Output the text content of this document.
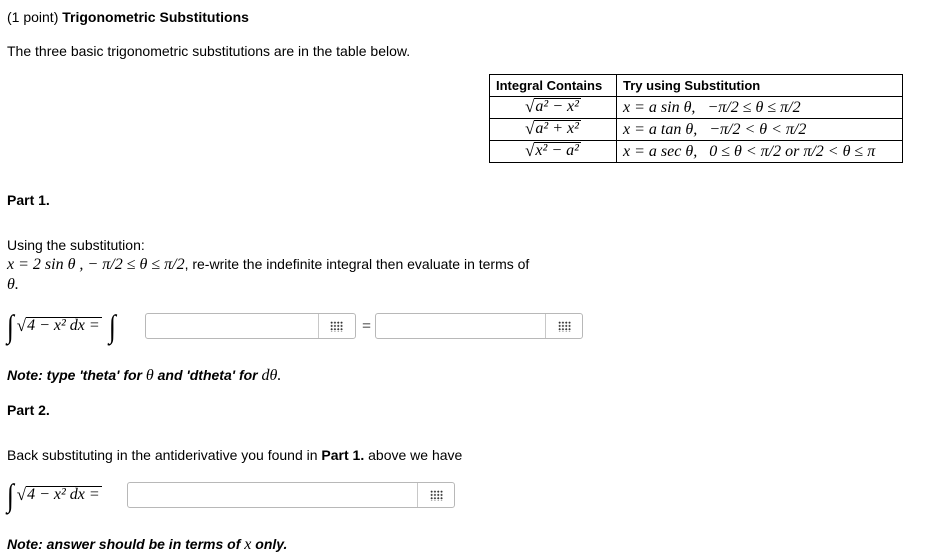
(1 point) Trigonometric Substitutions
The three basic trigonometric substitutions are in the table below.
Integral Contains	Try using Substitution

√ a² − x²	x = a sin θ, −π/2 ≤ θ ≤ π/2

√ a² + x²	x = a tan θ, −π/2 < θ < π/2

√ x² − a²	x = a sec θ, 0 ≤ θ < π/2 or π/2 < θ ≤ π
Part 1.
Using the substitution:
x = 2 sin θ , − π/2 ≤ θ ≤ π/2, re-write the indefinite integral then evaluate in terms of
θ.
∫ √ 4 − x² dx = ∫	=
Note: type 'theta' for θ and 'dtheta' for dθ.
Part 2.
Back substituting in the antiderivative you found in Part 1. above we have
∫ √ 4 − x² dx =
Note: answer should be in terms of x only.
